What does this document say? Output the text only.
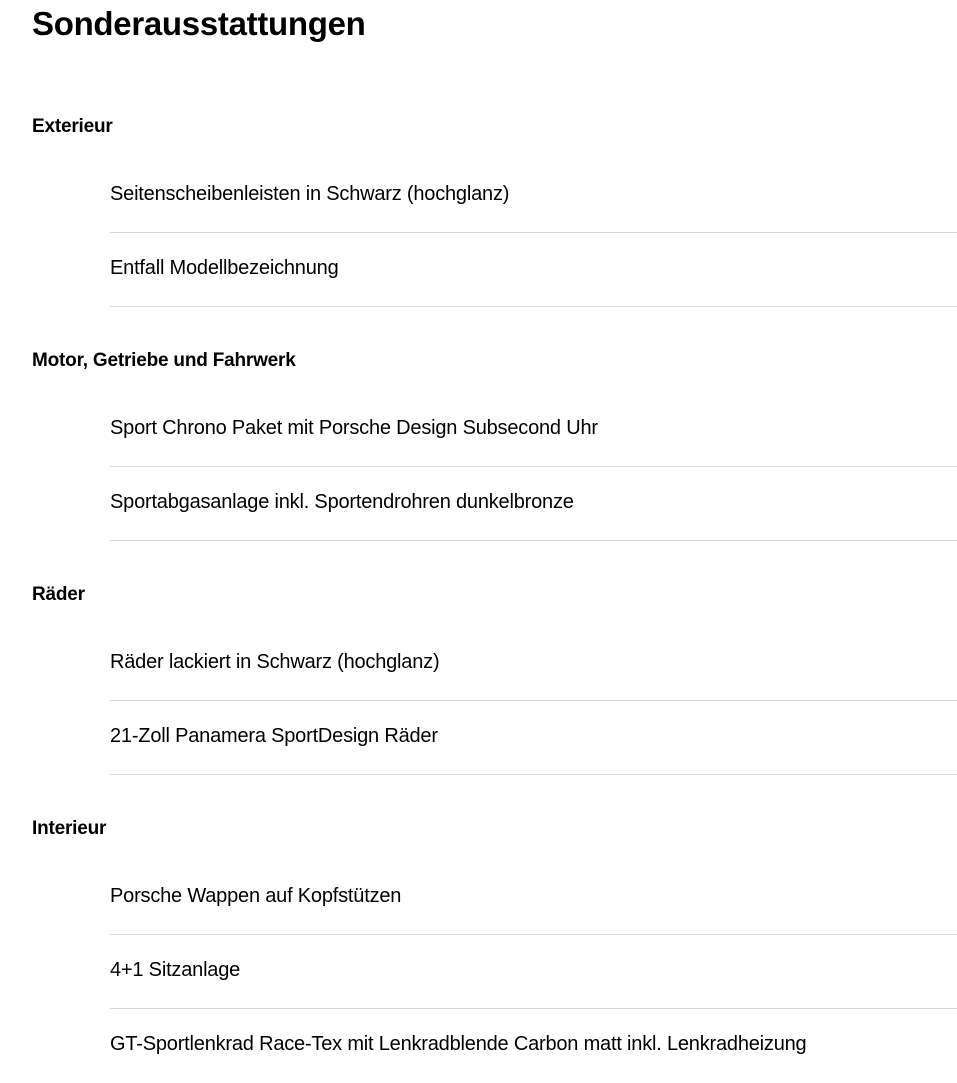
Sonderausstattungen
Exterieur
Seitenscheibenleisten in Schwarz (hochglanz)
Entfall Modellbezeichnung
Motor, Getriebe und Fahrwerk
Sport Chrono Paket mit Porsche Design Subsecond Uhr
Sportabgasanlage inkl. Sportendrohren dunkelbronze
Räder
Räder lackiert in Schwarz (hochglanz)
21-Zoll Panamera SportDesign Räder
Interieur
Porsche Wappen auf Kopfstützen
4+1 Sitzanlage
GT-Sportlenkrad Race-Tex mit Lenkradblende Carbon matt inkl. Lenkradheizung
